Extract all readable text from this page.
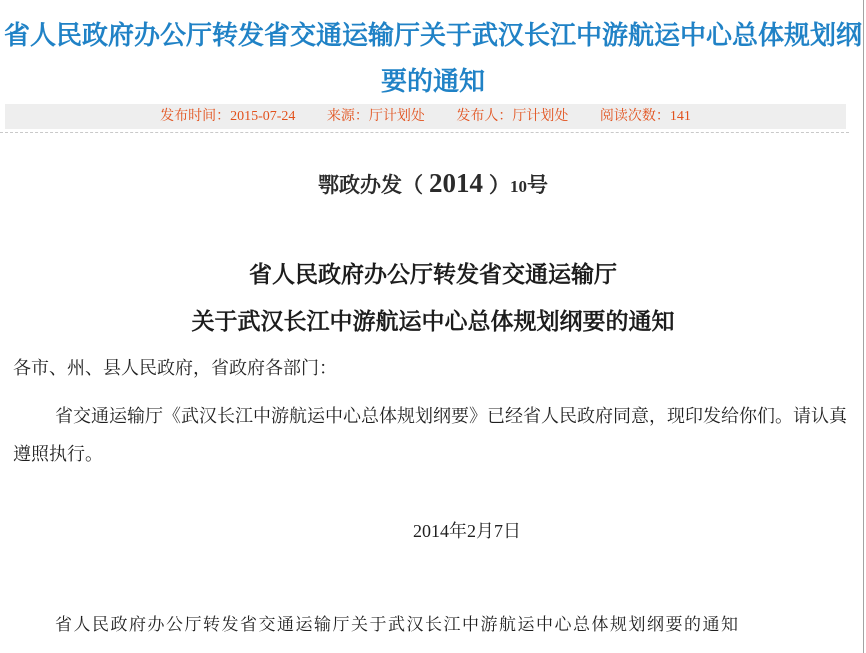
省人民政府办公厅转发省交通运输厅关于武汉长江中游航运中心总体规划纲
要的通知
发布时间：2015-07-24 来源：厅计划处 发布人：厅计划处 阅读次数：141
鄂政办发（ 2014 ）10号
省人民政府办公厅转发省交通运输厅
关于武汉长江中游航运中心总体规划纲要的通知
各市、州、县人民政府，省政府各部门：
省交通运输厅《武汉长江中游航运中心总体规划纲要》已经省人民政府同意，现印发给你们。请认真遵照执行。
2014年2月7日
省人民政府办公厅转发省交通运输厅关于武汉长江中游航运中心总体规划纲要的通知
